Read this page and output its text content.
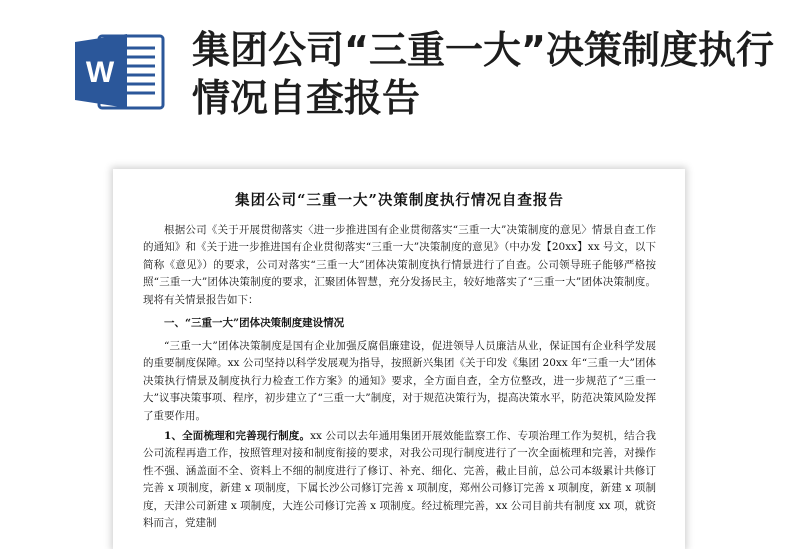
W
集团公司“三重一大”决策制度执行情况自查报告
集团公司“三重一大”决策制度执行情况自查报告

根据公司《关于开展贯彻落实〈进一步推进国有企业贯彻落实“三重一大”决策制度的意见〉情景自查工作的通知》和《关于进一步推进国有企业贯彻落实“三重一大”决策制度的意见》（中办发【20xx】xx 号文，以下简称《意见》）的要求，公司对落实“三重一大”团体决策制度执行情景进行了自查。公司领导班子能够严格按照“三重一大”团体决策制度的要求，汇聚团体智慧，充分发扬民主，较好地落实了“三重一大”团体决策制度。现将有关情景报告如下：

一、“三重一大”团体决策制度建设情况

“三重一大”团体决策制度是国有企业加强反腐倡廉建设，促进领导人员廉洁从业，保证国有企业科学发展的重要制度保障。xx 公司坚持以科学发展观为指导，按照新兴集团《关于印发《集团 20xx 年“三重一大”团体决策执行情景及制度执行力检查工作方案》的通知》要求，全方面自查，全方位整改，进一步规范了“三重一大”议事决策事项、程序，初步建立了“三重一大”制度，对于规范决策行为，提高决策水平，防范决策风险发挥了重要作用。

1、全面梳理和完善现行制度。xx 公司以去年通用集团开展效能监察工作、专项治理工作为契机，结合我公司流程再造工作，按照管理对接和制度衔接的要求，对我公司现行制度进行了一次全面梳理和完善，对操作性不强、涵盖面不全、资料上不细的制度进行了修订、补充、细化、完善，截止目前，总公司本级累计共修订完善 x 项制度，新建 x 项制度，下属长沙公司修订完善 x 项制度，郑州公司修订完善 x 项制度，新建 x 项制度，天津公司新建 x 项制度，大连公司修订完善 x 项制度。经过梳理完善，xx 公司目前共有制度 xx 项，就资料而言，党建制
